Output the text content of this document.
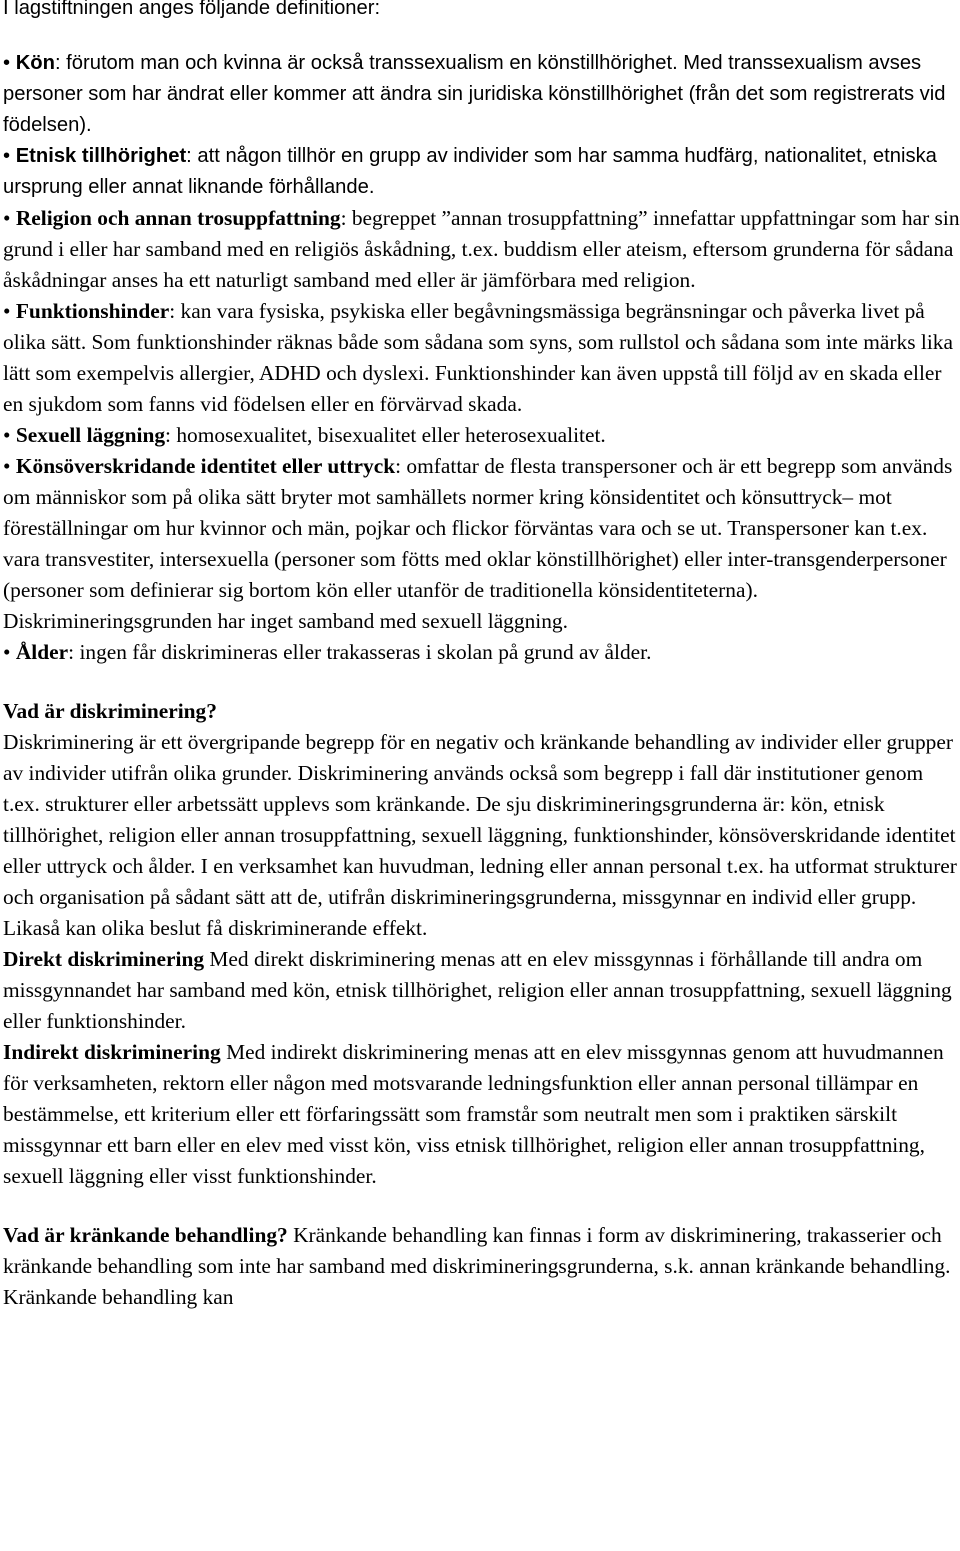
I lagstiftningen anges följande definitioner:

• Kön: förutom man och kvinna är också transsexualism en könstillhörighet. Med transsexualism avses personer som har ändrat eller kommer att ändra sin juridiska könstillhörighet (från det som registrerats vid födelsen).

• Etnisk tillhörighet: att någon tillhör en grupp av individer som har samma hudfärg, nationalitet, etniska ursprung eller annat liknande förhållande.

• Religion och annan trosuppfattning: begreppet ”annan trosuppfattning” innefattar uppfattningar som har sin grund i eller har samband med en religiös åskådning, t.ex. buddism eller ateism, eftersom grunderna för sådana åskådningar anses ha ett naturligt samband med eller är jämförbara med religion.

• Funktionshinder: kan vara fysiska, psykiska eller begåvningsmässiga begränsningar och påverka livet på olika sätt. Som funktionshinder räknas både som sådana som syns, som rullstol och sådana som inte märks lika lätt som exempelvis allergier, ADHD och dyslexi. Funktionshinder kan även uppstå till följd av en skada eller en sjukdom som fanns vid födelsen eller en förvärvad skada.

• Sexuell läggning: homosexualitet, bisexualitet eller heterosexualitet.

• Könsöverskridande identitet eller uttryck: omfattar de flesta transpersoner och är ett begrepp som används om människor som på olika sätt bryter mot samhällets normer kring könsidentitet och könsuttryck– mot föreställningar om hur kvinnor och män, pojkar och flickor förväntas vara och se ut. Transpersoner kan t.ex. vara transvestiter, intersexuella (personer som fötts med oklar könstillhörighet) eller inter-transgenderpersoner (personer som definierar sig bortom kön eller utanför de traditionella könsidentiteterna). Diskrimineringsgrunden har inget samband med sexuell läggning.

• Ålder: ingen får diskrimineras eller trakasseras i skolan på grund av ålder.

Vad är diskriminering?

Diskriminering är ett övergripande begrepp för en negativ och kränkande behandling av individer eller grupper av individer utifrån olika grunder. Diskriminering används också som begrepp i fall där institutioner genom t.ex. strukturer eller arbetssätt upplevs som kränkande. De sju diskrimineringsgrunderna är: kön, etnisk tillhörighet, religion eller annan trosuppfattning, sexuell läggning, funktionshinder, könsöverskridande identitet eller uttryck och ålder. I en verksamhet kan huvudman, ledning eller annan personal t.ex. ha utformat strukturer och organisation på sådant sätt att de, utifrån diskrimineringsgrunderna, missgynnar en individ eller grupp. Likaså kan olika beslut få diskriminerande effekt.

Direkt diskriminering Med direkt diskriminering menas att en elev missgynnas i förhållande till andra om missgynnandet har samband med kön, etnisk tillhörighet, religion eller annan trosuppfattning, sexuell läggning eller funktionshinder.

Indirekt diskriminering Med indirekt diskriminering menas att en elev missgynnas genom att huvudmannen för verksamheten, rektorn eller någon med motsvarande ledningsfunktion eller annan personal tillämpar en bestämmelse, ett kriterium eller ett förfaringssätt som framstår som neutralt men som i praktiken särskilt missgynnar ett barn eller en elev med visst kön, viss etnisk tillhörighet, religion eller annan trosuppfattning, sexuell läggning eller visst funktionshinder.

Vad är kränkande behandling? Kränkande behandling kan finnas i form av diskriminering, trakasserier och kränkande behandling som inte har samband med diskrimineringsgrunderna, s.k. annan kränkande behandling. Kränkande behandling kan
